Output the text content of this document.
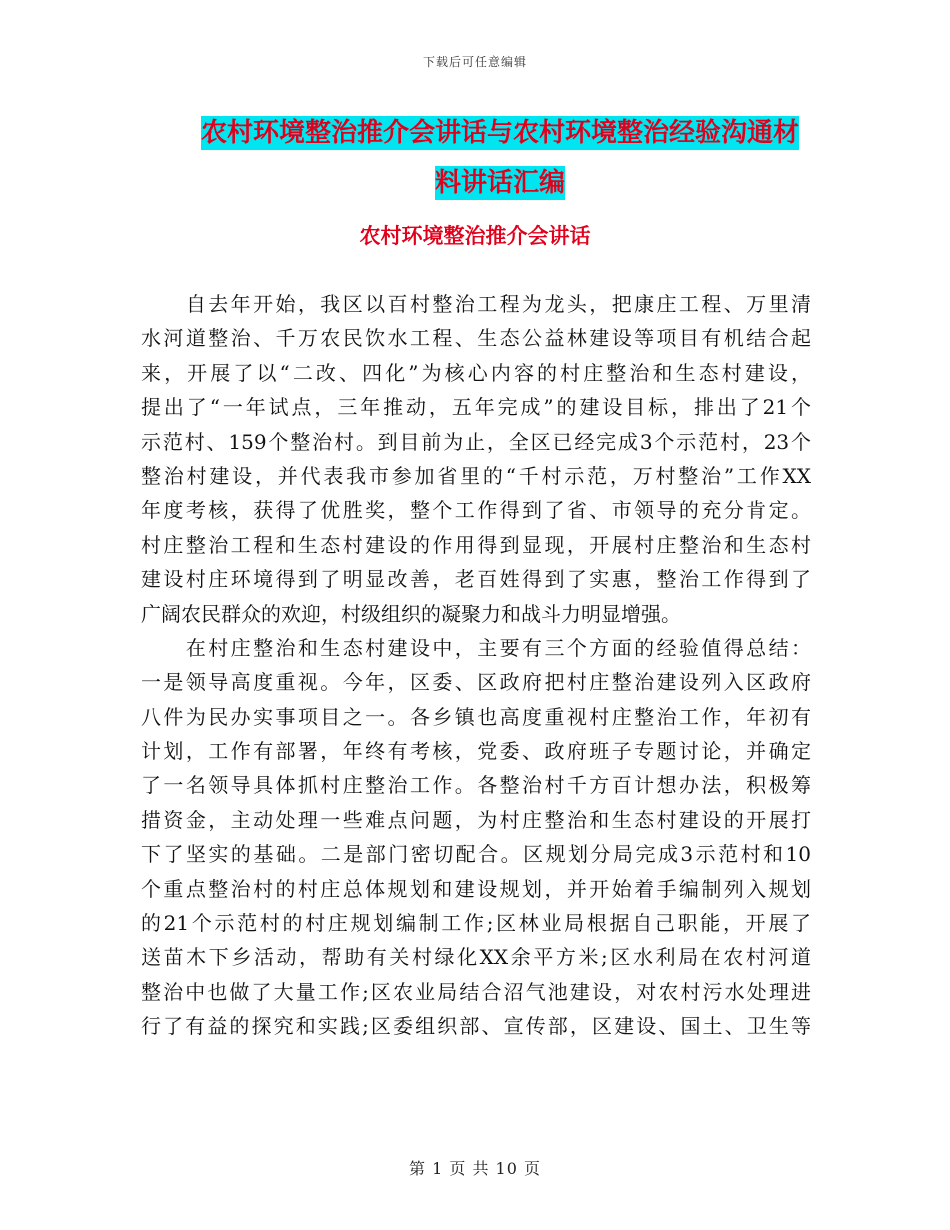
下载后可任意编辑
农村环境整治推介会讲话与农村环境整治经验沟通材
料讲话汇编
农村环境整治推介会讲话
　　自去年开始，我区以百村整治工程为龙头，把康庄工程、万里清
水河道整治、千万农民饮水工程、生态公益林建设等项目有机结合起
来，开展了以“二改、四化”为核心内容的村庄整治和生态村建设，
提出了“一年试点，三年推动，五年完成”的建设目标，排出了21个
示范村、159个整治村。到目前为止，全区已经完成3个示范村，23个
整治村建设，并代表我市参加省里的“千村示范，万村整治”工作XX
年度考核，获得了优胜奖，整个工作得到了省、市领导的充分肯定。
村庄整治工程和生态村建设的作用得到显现，开展村庄整治和生态村
建设村庄环境得到了明显改善，老百姓得到了实惠，整治工作得到了
广阔农民群众的欢迎，村级组织的凝聚力和战斗力明显增强。
　　在村庄整治和生态村建设中，主要有三个方面的经验值得总结：
一是领导高度重视。今年，区委、区政府把村庄整治建设列入区政府
八件为民办实事项目之一。各乡镇也高度重视村庄整治工作，年初有
计划，工作有部署，年终有考核，党委、政府班子专题讨论，并确定
了一名领导具体抓村庄整治工作。各整治村千方百计想办法，积极筹
措资金，主动处理一些难点问题，为村庄整治和生态村建设的开展打
下了坚实的基础。二是部门密切配合。区规划分局完成3示范村和10
个重点整治村的村庄总体规划和建设规划，并开始着手编制列入规划
的21个示范村的村庄规划编制工作;区林业局根据自己职能，开展了
送苗木下乡活动，帮助有关村绿化XX余平方米;区水利局在农村河道
整治中也做了大量工作;区农业局结合沼气池建设，对农村污水处理进
行了有益的探究和实践;区委组织部、宣传部，区建设、国土、卫生等
第 1 页 共 10 页
